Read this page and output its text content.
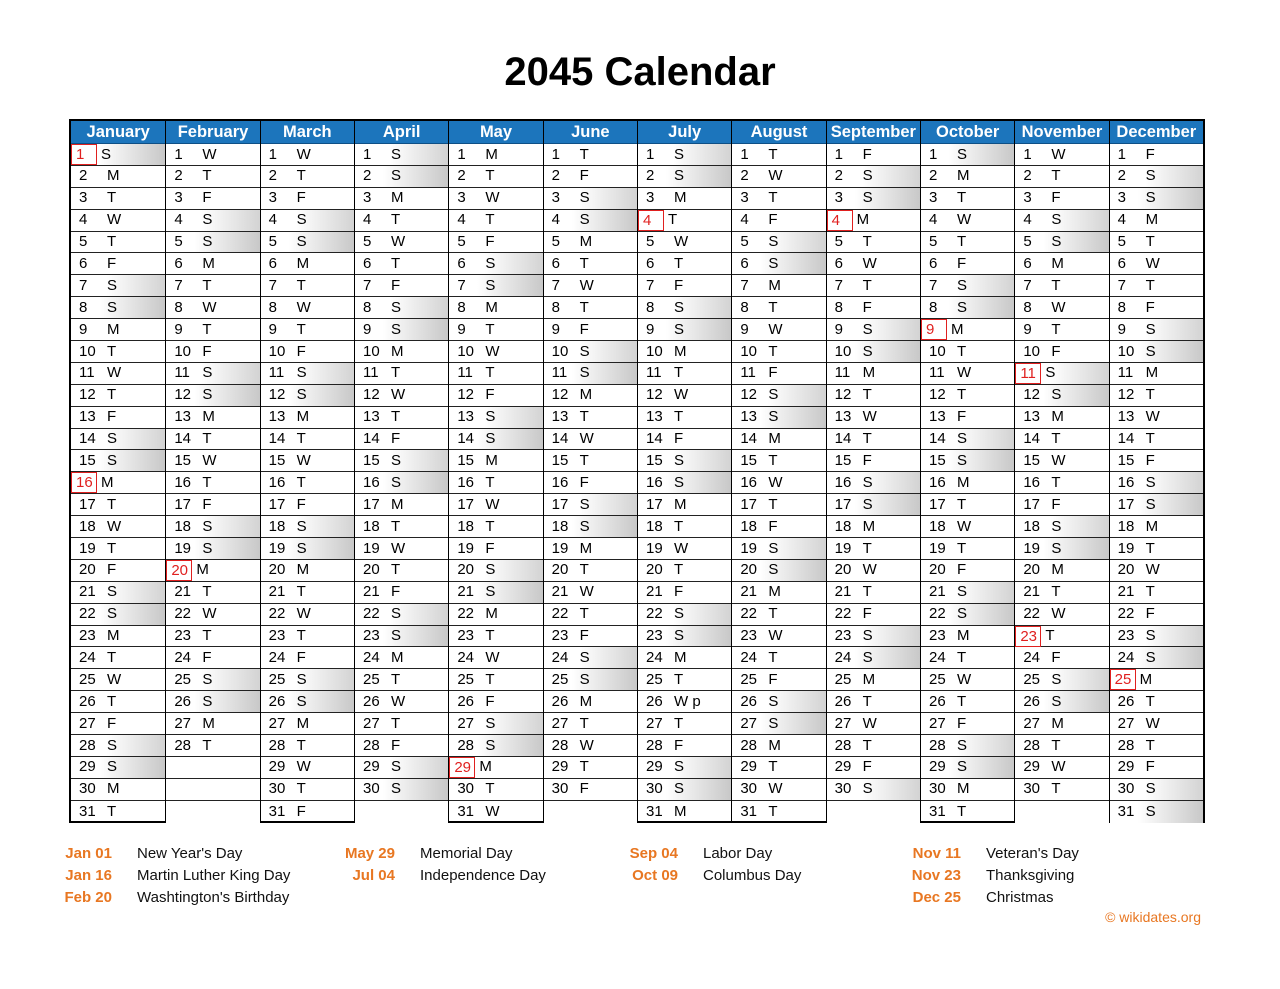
2045 Calendar
January
1	S
2	M
3	T
4	W
5	T
6	F
7	S
8	S
9	M
10 T
11 W
12 T
13 F
14 S
15 S
16 M
17 T
18 W
19 T
20 F
21 S
22 S
23 M
24 T
25 W
26 T
27 F
28 S
29 S
30 M
31 T
February
1	W
2	T
3	F
4	S
5	S
6	M
7	T
8	W
9	T
10 F
11 S
12 S
13 M
14 T
15 W
16 T
17 F
18 S
19 S
20 M
21 T
22 W
23 T
24 F
25 S
26 S
27 M
28 T
March
1	W
2	T
3	F
4	S
5	S
6	M
7	T
8	W
9	T
10 F
11 S
12 S
13 M
14 T
15 W
16 T
17 F
18 S
19 S
20 M
21 T
22 W
23 T
24 F
25 S
26 S
27 M
28 T
29 W
30 T
31 F
April
1	S
2	S
3	M
4	T
5	W
6	T
7	F
8	S
9	S
10 M
11 T
12 W
13 T
14 F
15 S
16 S
17 M
18 T
19 W
20 T
21 F
22 S
23 S
24 M
25 T
26 W
27 T
28 F
29 S
30 S
May
1	M
2	T
3	W
4	T
5	F
6	S
7	S
8	M
9	T
10 W
11 T
12 F
13 S
14 S
15 M
16 T
17 W
18 T
19 F
20 S
21 S
22 M
23 T
24 W
25 T
26 F
27 S
28 S
29 M
30 T
31 W
June
1	T
2	F
3	S
4	S
5	M
6	T
7	W
8	T
9	F
10 S
11 S
12 M
13 T
14 W
15 T
16 F
17 S
18 S
19 M
20 T
21 W
22 T
23 F
24 S
25 S
26 M
27 T
28 W
29 T
30 F
July
1	S
2	S
3	M
4	T
5	W
6	T
7	F
8	S
9	S
10 M
11 T
12 W
13 T
14 F
15 S
16 S
17 M
18 T
19 W
20 T
21 F
22 S
23 S
24 M
25 T
26 W p
27 T
28 F
29 S
30 S
31 M
August
1	T
2	W
3	T
4	F
5	S
6	S
7	M
8	T
9	W
10 T
11 F
12 S
13 S
14 M
15 T
16 W
17 T
18 F
19 S
20 S
21 M
22 T
23 W
24 T
25 F
26 S
27 S
28 M
29 T
30 W
31 T
September
1	F
2	S
3	S
4	M
5	T
6	W
7	T
8	F
9	S
10 S
11 M
12 T
13 W
14 T
15 F
16 S
17 S
18 M
19 T
20 W
21 T
22 F
23 S
24 S
25 M
26 T
27 W
28 T
29 F
30 S
October
1	S
2	M
3	T
4	W
5	T
6	F
7	S
8	S
9	M
10 T
11 W
12 T
13 F
14 S
15 S
16 M
17 T
18 W
19 T
20 F
21 S
22 S
23 M
24 T
25 W
26 T
27 F
28 S
29 S
30 M
31 T
November
1	W
2	T
3	F
4	S
5	S
6	M
7	T
8	W
9	T
10 F
11 S
12 S
13 M
14 T
15 W
16 T
17 F
18 S
19 S
20 M
21 T
22 W
23 T
24 F
25 S
26 S
27 M
28 T
29 W
30 T
December
1	F
2	S
3	S
4	M
5	T
6	W
7	T
8	F
9	S
10 S
11 M
12 T
13 W
14 T
15 F
16 S
17 S
18 M
19 T
20 W
21 T
22 F
23 S
24 S
25 M
26 T
27 W
28 T
29 F
30 S
31 S
Jan 01	New Year's Day
Jan 16	Martin Luther King Day
Feb 20	Washtington's Birthday
May 29	Memorial Day
Jul 04	Independence Day
Sep 04	Labor Day
Oct 09	Columbus Day
Nov 11	Veteran's Day
Nov 23	Thanksgiving
Dec 25	Christmas
© wikidates.org
